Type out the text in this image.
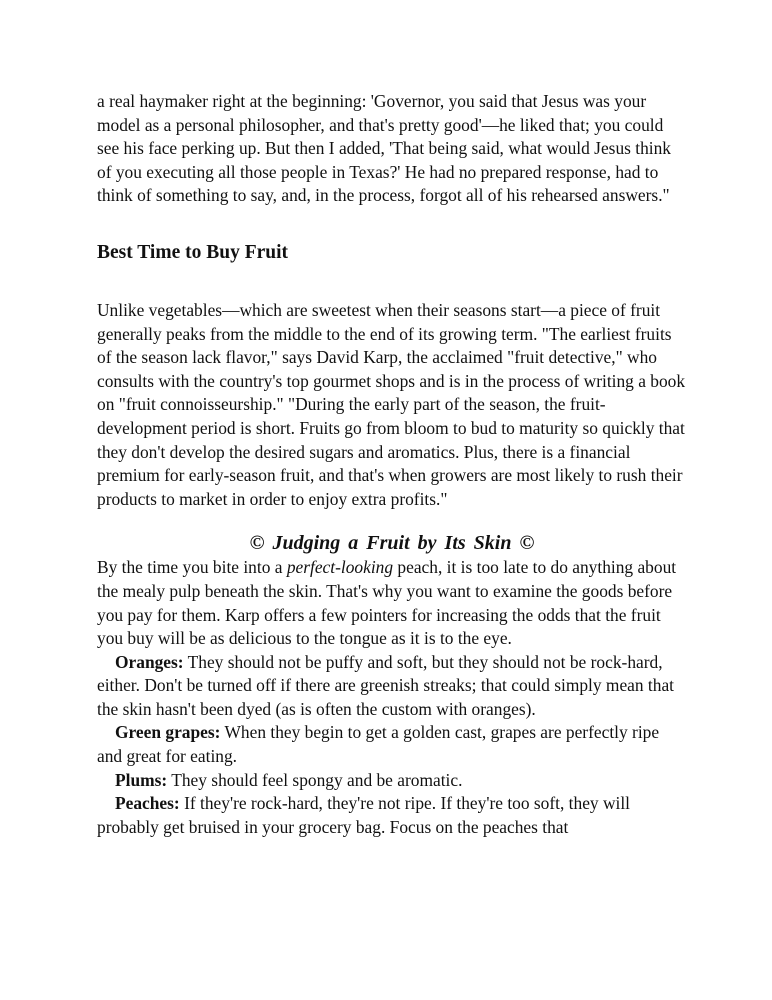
a real haymaker right at the beginning: 'Governor, you said that Jesus was your model as a personal philosopher, and that's pretty good'—he liked that; you could see his face perking up. But then I added, 'That being said, what would Jesus think of you executing all those people in Texas?' He had no prepared response, had to think of something to say, and, in the process, forgot all of his rehearsed answers."

Best Time to Buy Fruit

Unlike vegetables—which are sweetest when their seasons start—a piece of fruit generally peaks from the middle to the end of its growing term. "The earliest fruits of the season lack flavor," says David Karp, the acclaimed "fruit detective," who consults with the country's top gourmet shops and is in the process of writing a book on "fruit connoisseurship." "During the early part of the season, the fruit-development period is short. Fruits go from bloom to bud to maturity so quickly that they don't develop the desired sugars and aromatics. Plus, there is a financial premium for early-season fruit, and that's when growers are most likely to rush their products to market in order to enjoy extra profits."

© Judging a Fruit by Its Skin ©

By the time you bite into a perfect-looking peach, it is too late to do anything about the mealy pulp beneath the skin. That's why you want to examine the goods before you pay for them. Karp offers a few pointers for increasing the odds that the fruit you buy will be as delicious to the tongue as it is to the eye.

Oranges: They should not be puffy and soft, but they should not be rock-hard, either. Don't be turned off if there are greenish streaks; that could simply mean that the skin hasn't been dyed (as is often the custom with oranges).

Green grapes: When they begin to get a golden cast, grapes are perfectly ripe and great for eating.

Plums: They should feel spongy and be aromatic.

Peaches: If they're rock-hard, they're not ripe. If they're too soft, they will probably get bruised in your grocery bag. Focus on the peaches that
